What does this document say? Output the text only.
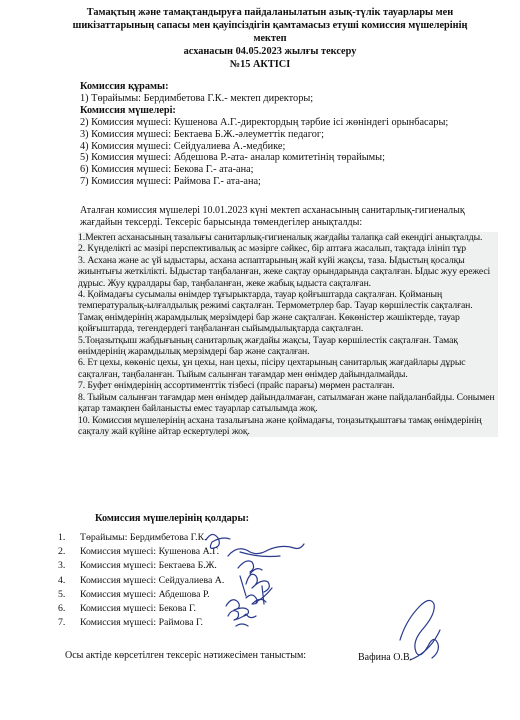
Тамақтың және тамақтандыруға пайдаланылатын азық-түлік тауарлары мен
шикізаттарының сапасы мен қауіпсіздігін қамтамасыз етуші комиссия мүшелерінің мектеп
асханасын 04.05.2023 жылғы тексеру
№15 АКТІСІ
Комиссия құрамы:
1) Төрайымы: Бердимбетова Г.К.- мектеп директоры;
Комиссия мүшелері:
2) Комиссия мүшесі: Кушенова А.Г.-директордың тәрбие ісі жөніндегі орынбасары;
3) Комиссия мүшесі: Бектаева Б.Ж.-әлеуметтік педагог;
4) Комиссия мүшесі: Сейдуалиева А.-медбике;
5) Комиссия мүшесі: Абдешова Р.-ата- аналар комитетінің төрайымы;
6) Комиссия мүшесі: Бекова Г.- ата-ана;
7) Комиссия мүшесі: Раймова Г.- ата-ана;
Аталған комиссия мүшелері 10.01.2023 күні мектеп асханасының санитарлық-гигиеналық жағдайын тексерді. Тексеріс барысында төмендегілер анықталды:

1.Мектеп асханасының тазалығы санитарлық-гигиеналық жағдайы талапқа сай екендігі анықталды.

2. Күнделікті ас мәзірі перспективалық ас мәзірге сәйкес, бір аптаға жасалып, тақтада ілініп тұр

3. Асхана және ас үй ыдыстары, асхана аспаптарының жай күйі жақсы, таза. Ыдыстың қосалқы жиынтығы жеткілікті. Ыдыстар таңбаланған, жеке сақтау орындарында сақталған. Ыдыс жуу ережесі дұрыс. Жуу құралдары бар, таңбаланған, жеке жабық ыдыста сақталған.

4. Қоймадағы сусымалы өнімдер тұғырыктарда, тауар қойғыштарда сақталған. Қойманың температуралық-ылғалдылық режимі сақталған. Термометрлер бар. Тауар көршілестік сақталған. Тамақ өнімдерінің жарамдылық мерзімдері бар және сақталған. Көкөністер жәшіктерде, тауар қойғыштарда, тегендердегі таңбаланған сыйымдылықтарда сақталған.

5.Тоңазытқыш жабдығының санитарлық жағдайы жақсы, Тауар көршілестік сақталған. Тамақ өнімдерінің жарамдылық мерзімдері бар және сақталған.

6. Ет цехы, көкөніс цехы, ұн цехы, нан цехы, пісіру цехтарының санитарлық жағдайлары дұрыс сақталған, таңбаланған. Тыйым салынған тағамдар мен өнімдер дайындалмайды.

7. Буфет өнімдерінің ассортименттік тізбесі (прайс парағы) мөрмен расталған.

8. Тыйым салынған тағамдар мен өнімдер дайындалмаған, сатылмаған және пайдаланбайды. Сонымен қатар тамақпен байланысты емес тауарлар сатылымда жоқ.

10. Комиссия мүшелерінің асхана тазалығына және қоймадағы, тоңазытқыштағы тамақ өнімдерінің сақталу жай күйіне айтар ескертулері жоқ.

Комиссия мүшелерінің қолдары:
1. Төрайымы: Бердимбетова Г.К.
2. Комиссия мүшесі: Кушенова А.Г.
3. Комиссия мүшесі: Бектаева Б.Ж.
4. Комиссия мүшесі: Сейдуалиева А.
5. Комиссия мүшесі: Абдешова Р.
6. Комиссия мүшесі: Бекова Г.
7. Комиссия мүшесі: Раймова Г.
Осы актіде көрсетілген тексеріс нәтижесімен таныстым:	Вафина О.В.
